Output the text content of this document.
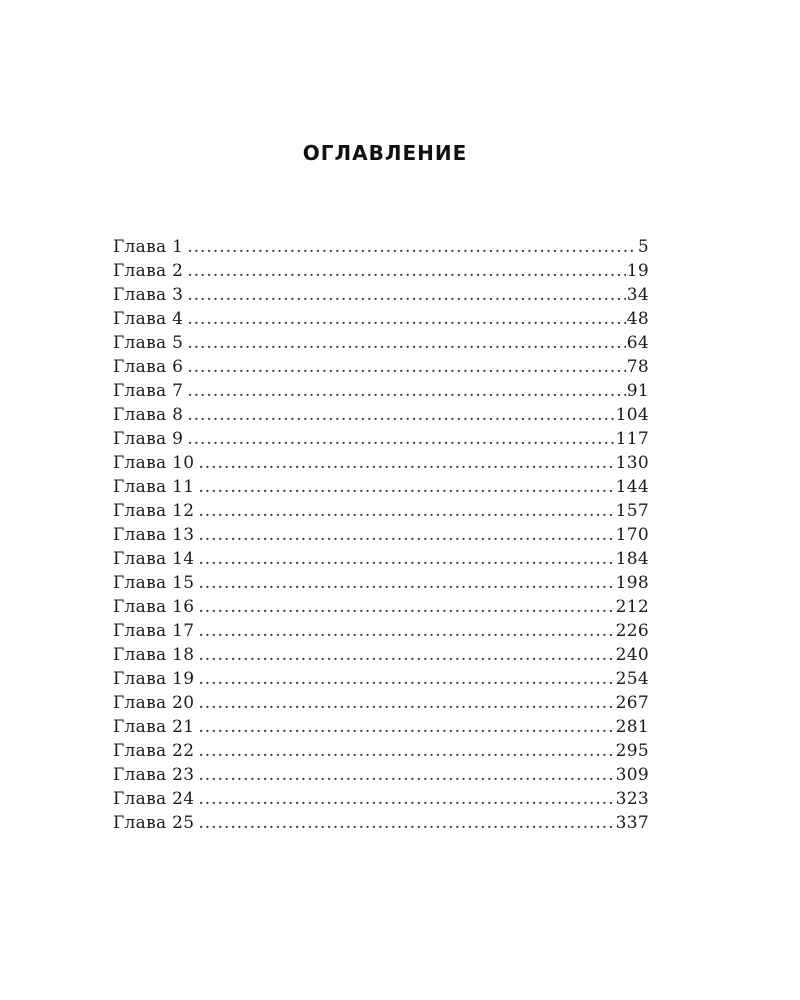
ОГЛАВЛЕНИЕ
Глава 1 .....	5
Глава 2 .....	19
Глава 3 .....	34
Глава 4 .....	48
Глава 5 .....	64
Глава 6 .....	78
Глава 7 .....	91
Глава 8 .....	104
Глава 9 .....	117
Глава 10 .....	130
Глава 11 .....	144
Глава 12 .....	157
Глава 13 .....	170
Глава 14 .....	184
Глава 15 .....	198
Глава 16 .....	212
Глава 17 .....	226
Глава 18 .....	240
Глава 19 .....	254
Глава 20 .....	267
Глава 21 .....	281
Глава 22 .....	295
Глава 23 .....	309
Глава 24 .....	323
Глава 25 .....	337
